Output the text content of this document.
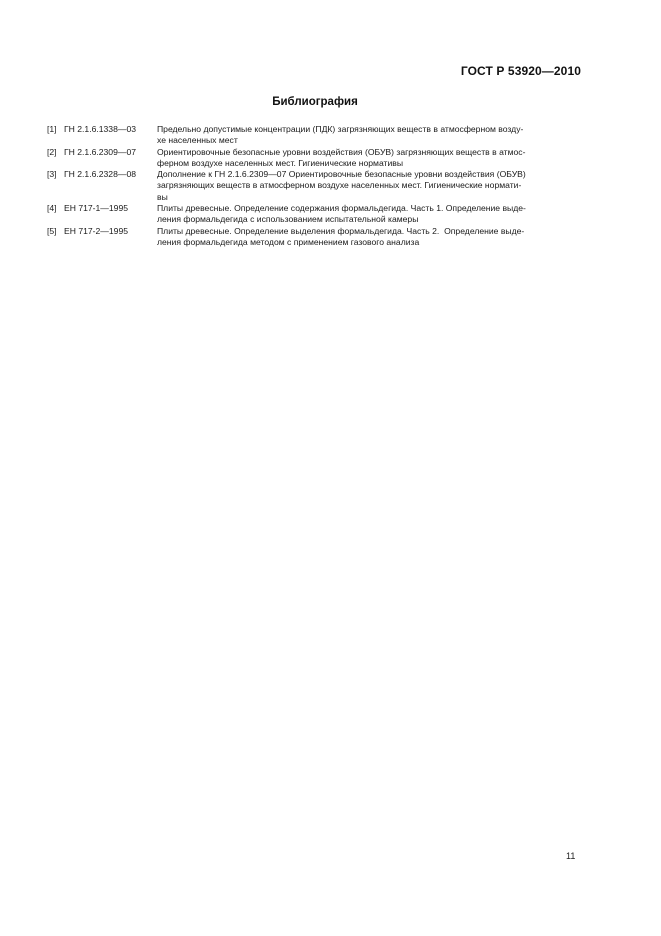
ГОСТ Р 53920—2010
Библиография
[1] ГН 2.1.6.1338—03	Предельно допустимые концентрации (ПДК) загрязняющих веществ в атмосферном возду-
хе населенных мест
[2] ГН 2.1.6.2309—07	Ориентировочные безопасные уровни воздействия (ОБУВ) загрязняющих веществ в атмос-
ферном воздухе населенных мест. Гигиенические нормативы
[3] ГН 2.1.6.2328—08	Дополнение к ГН 2.1.6.2309—07 Ориентировочные безопасные уровни воздействия (ОБУВ)
загрязняющих веществ в атмосферном воздухе населенных мест. Гигиенические нормати-
вы
[4] ЕН 717-1—1995	Плиты древесные. Определение содержания формальдегида. Часть 1. Определение выде-
ления формальдегида с использованием испытательной камеры
[5] ЕН 717-2—1995	Плиты древесные. Определение выделения формальдегида. Часть 2.  Определение выде-
ления формальдегида методом с применением газового анализа
11
